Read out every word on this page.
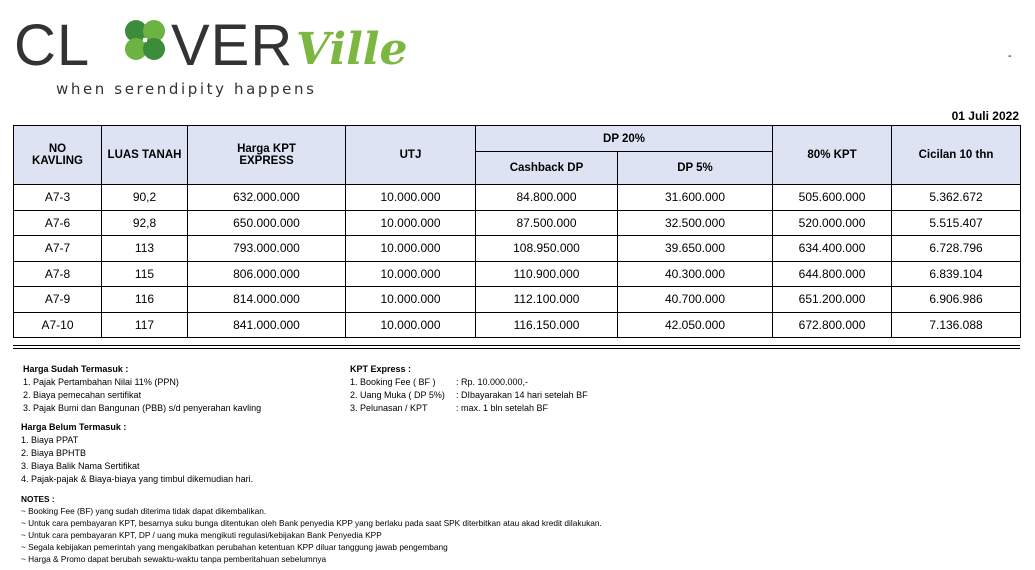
CL VER Ville
when serendipity happens
-
01 Juli 2022
NO KAVLING	LUAS TANAH	Harga KPT EXPRESS	UTJ	DP 20%		80% KPT	Cicilan 10 thn
				Cashback DP	DP 5%		
A7-3	90,2	632.000.000	10.000.000	84.800.000	31.600.000	505.600.000	5.362.672
A7-6	92,8	650.000.000	10.000.000	87.500.000	32.500.000	520.000.000	5.515.407
A7-7	113	793.000.000	10.000.000	108.950.000	39.650.000	634.400.000	6.728.796
A7-8	115	806.000.000	10.000.000	110.900.000	40.300.000	644.800.000	6.839.104
A7-9	116	814.000.000	10.000.000	112.100.000	40.700.000	651.200.000	6.906.986
A7-10	117	841.000.000	10.000.000	116.150.000	42.050.000	672.800.000	7.136.088
Harga Sudah Termasuk :
1. Pajak Pertambahan Nilai 11% (PPN)
2. Biaya pemecahan sertifikat
3. Pajak Bumi dan Bangunan (PBB) s/d penyerahan kavling
KPT Express :
1. Booking Fee ( BF ) : Rp. 10.000.000,-
2. Uang Muka ( DP 5%) : DIbayarakan 14 hari setelah BF
3. Pelunasan / KPT	: max. 1 bln setelah BF
Harga Belum Termasuk :
1. Biaya PPAT
2. Biaya BPHTB
3. Biaya Balik Nama Sertifikat
4. Pajak-pajak & Biaya-biaya yang timbul dikemudian hari.
NOTES :
~ Booking Fee (BF) yang sudah diterima tidak dapat dikembalikan.
~ Untuk cara pembayaran KPT, besarnya suku bunga ditentukan oleh Bank penyedia KPP yang berlaku pada saat SPK diterbitkan atau akad kredit dilakukan.
~ Untuk cara pembayaran KPT, DP / uang muka mengikuti regulasi/kebijakan Bank Penyedia KPP
~ Segala kebijakan pemerintah yang mengakibatkan perubahan ketentuan KPP diluar tanggung jawab pengembang
~ Harga & Promo dapat berubah sewaktu-waktu tanpa pemberitahuan sebelumnya
